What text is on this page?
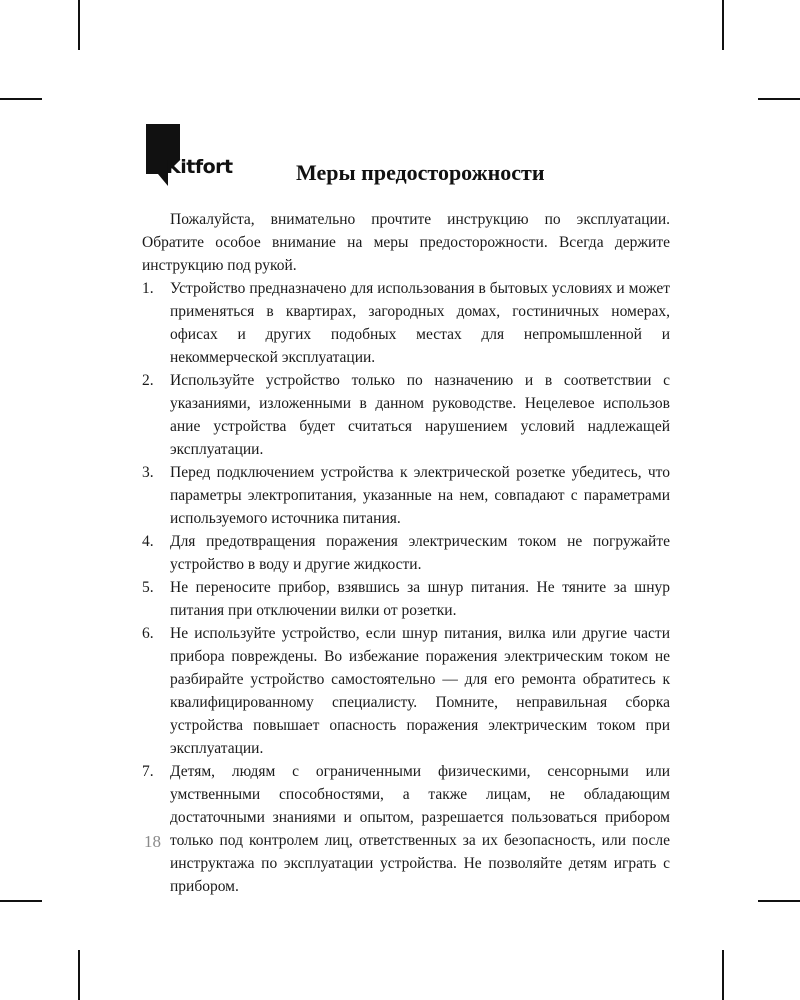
Kitfort	Меры предосторожности

Пожалуйста, внимательно прочтите инструкцию по эксплуатации. Обратите особое внимание на меры предосторожности. Всегда держите инструкцию под рукой.

1. Устройство предназначено для использования в бытовых условиях и может применяться в квартирах, загородных домах, гостиничных номерах, офисах и других подобных местах для непромышленной и некоммерческой эксплуатации.
2. Используйте устройство только по назначению и в соответствии с указаниями, изложенными в данном руководстве. Нецелевое использов ание устройства будет считаться нарушением условий надлежащей эксплуатации.
3. Перед подключением устройства к электрической розетке убедитесь, что параметры электропитания, указанные на нем, совпадают с параметрами используемого источника питания.
4. Для предотвращения поражения электрическим током не погружайте устройство в воду и другие жидкости.
5. Не переносите прибор, взявшись за шнур питания. Не тяните за шнур питания при отключении вилки от розетки.
6. Не используйте устройство, если шнур питания, вилка или другие части прибора повреждены. Во избежание поражения электрическим током не разбирайте устройство самостоятельно — для его ремонта обратитесь к квалифицированному специалисту. Помните, неправильная сборка устройства повышает опасность поражения электрическим током при эксплуатации.
7. Детям, людям с ограниченными физическими, сенсорными или умственными способностями, а также лицам, не обладающим достаточными знаниями и опытом, разрешается пользоваться прибором только под контролем лиц, ответственных за их безопасность, или после инструктажа по эксплуатации устройства. Не позволяйте детям играть с прибором.
18
